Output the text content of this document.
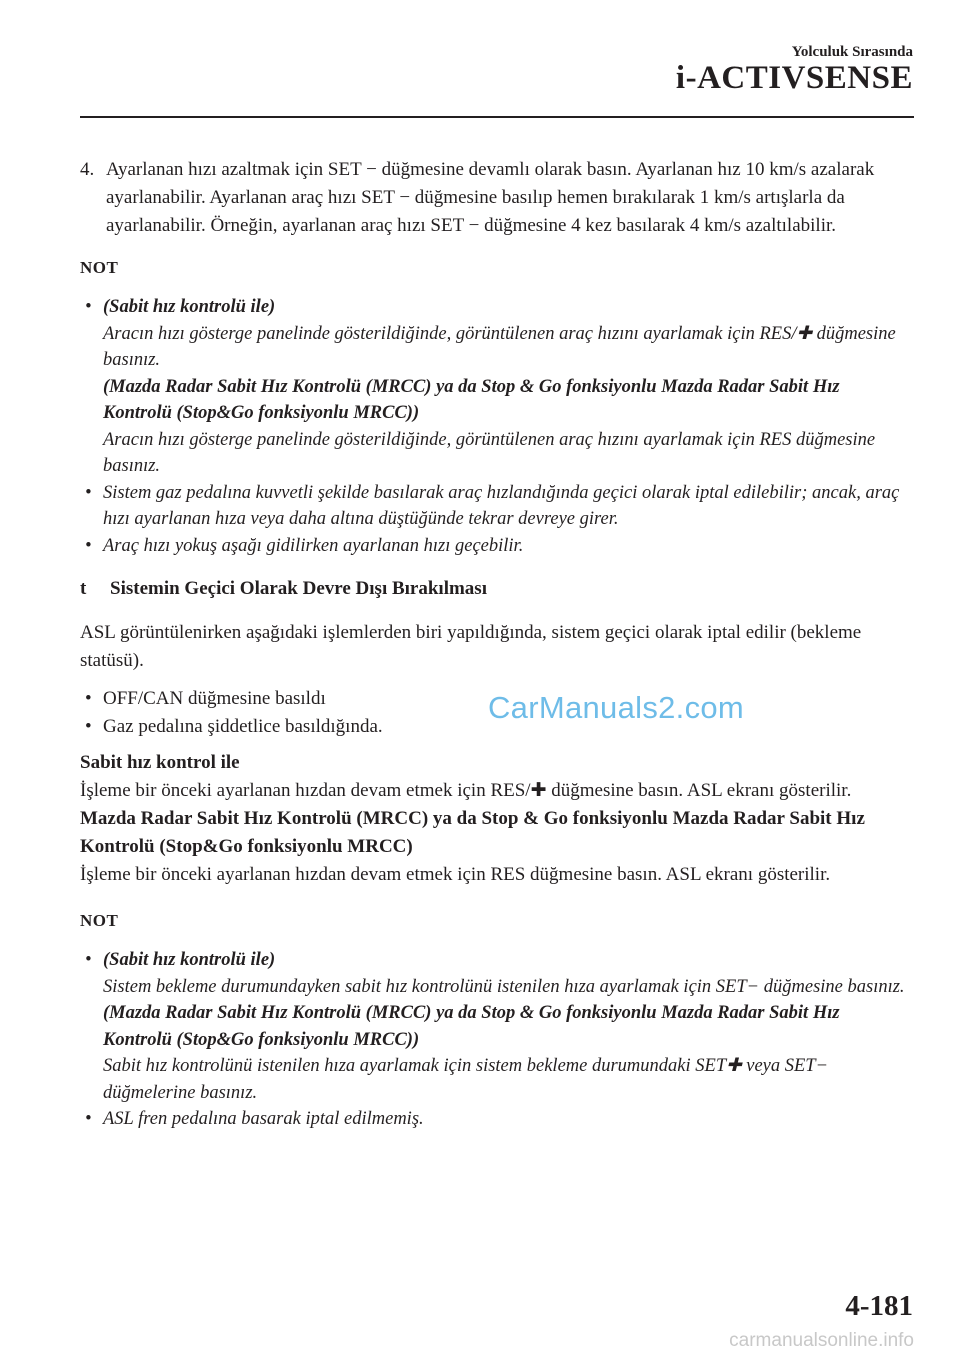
Yolculuk Sırasında
i-ACTIVSENSE
4. Ayarlanan hızı azaltmak için SET − düğmesine devamlı olarak basın. Ayarlanan hız 10 km/s azalarak ayarlanabilir. Ayarlanan araç hızı SET − düğmesine basılıp hemen bırakılarak 1 km/s artışlarla da ayarlanabilir. Örneğin, ayarlanan araç hızı SET − düğmesine 4 kez basılarak 4 km/s azaltılabilir.
NOT
• (Sabit hız kontrolü ile)
Aracın hızı gösterge panelinde gösterildiğinde, görüntülenen araç hızını ayarlamak için RES/✚ düğmesine basınız.
(Mazda Radar Sabit Hız Kontrolü (MRCC) ya da Stop & Go fonksiyonlu Mazda Radar Sabit Hız Kontrolü (Stop&Go fonksiyonlu MRCC))
Aracın hızı gösterge panelinde gösterildiğinde, görüntülenen araç hızını ayarlamak için RES düğmesine basınız.
• Sistem gaz pedalına kuvvetli şekilde basılarak araç hızlandığında geçici olarak iptal edilebilir; ancak, araç hızı ayarlanan hıza veya daha altına düştüğünde tekrar devreye girer.
• Araç hızı yokuş aşağı gidilirken ayarlanan hızı geçebilir.
t	Sistemin Geçici Olarak Devre Dışı Bırakılması
ASL görüntülenirken aşağıdaki işlemlerden biri yapıldığında, sistem geçici olarak iptal edilir (bekleme statüsü).
• OFF/CAN düğmesine basıldı
• Gaz pedalına şiddetlice basıldığında.
Sabit hız kontrol ile
İşleme bir önceki ayarlanan hızdan devam etmek için RES/✚ düğmesine basın. ASL ekranı gösterilir.
Mazda Radar Sabit Hız Kontrolü (MRCC) ya da Stop & Go fonksiyonlu Mazda Radar Sabit Hız Kontrolü (Stop&Go fonksiyonlu MRCC)
İşleme bir önceki ayarlanan hızdan devam etmek için RES düğmesine basın. ASL ekranı gösterilir.
NOT
• (Sabit hız kontrolü ile)
Sistem bekleme durumundayken sabit hız kontrolünü istenilen hıza ayarlamak için SET− düğmesine basınız.
(Mazda Radar Sabit Hız Kontrolü (MRCC) ya da Stop & Go fonksiyonlu Mazda Radar Sabit Hız Kontrolü (Stop&Go fonksiyonlu MRCC))
Sabit hız kontrolünü istenilen hıza ayarlamak için sistem bekleme durumundaki SET✚ veya SET− düğmelerine basınız.
• ASL fren pedalına basarak iptal edilmemiş.
CarManuals2.com
4-181
carmanualsonline.info
